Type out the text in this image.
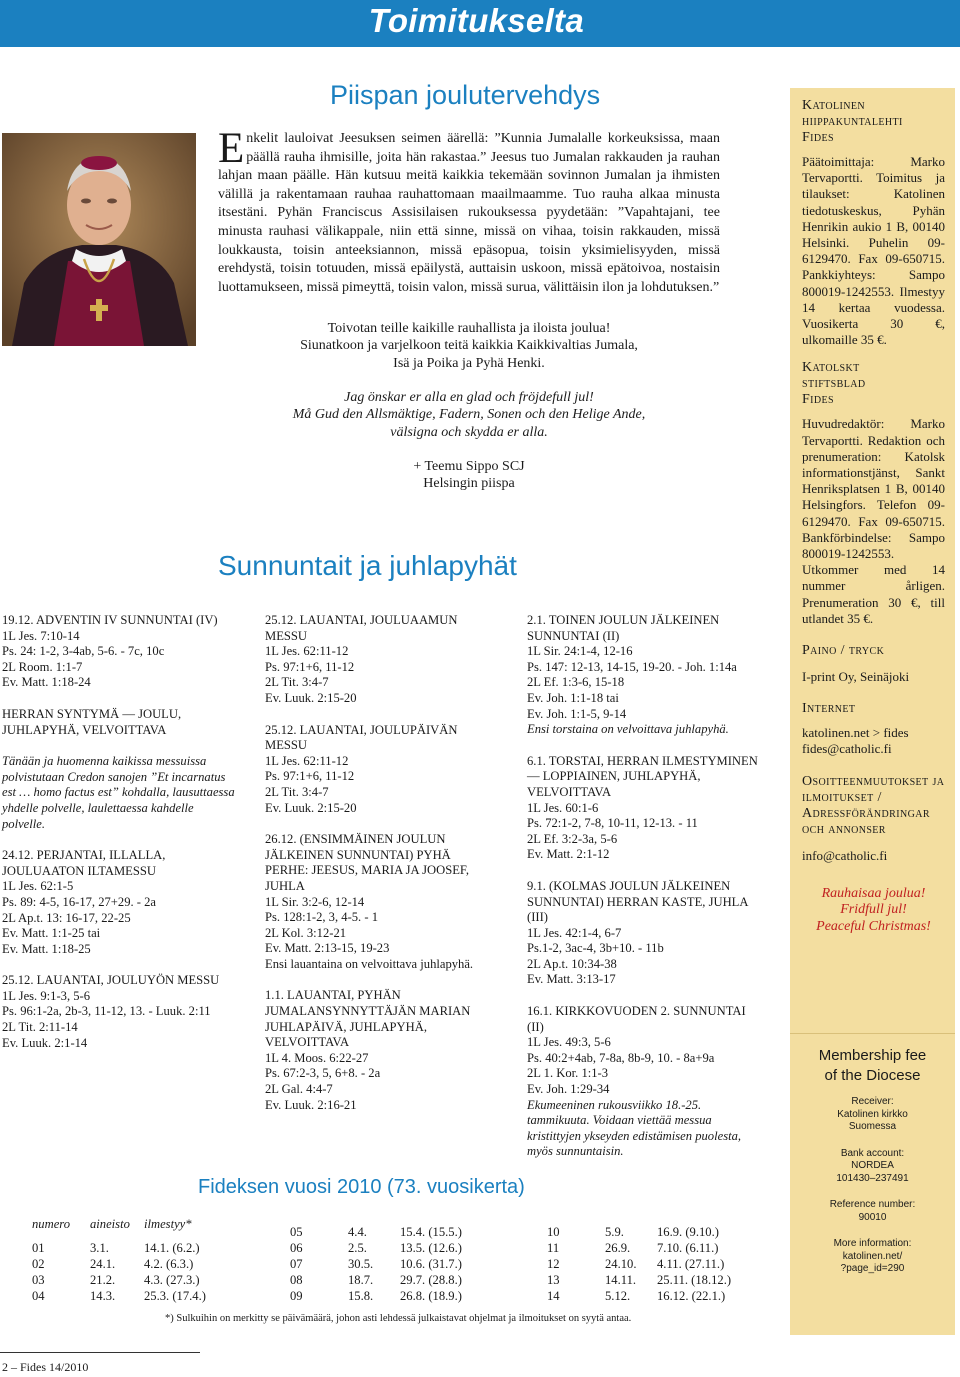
Toimitukselta
Piispan joulutervehdys
Enkelit lauloivat Jeesuksen seimen äärellä: ”Kunnia Jumalalle korkeuksissa, maan päällä rauha ihmisille, joita hän rakastaa.” Jeesus tuo Jumalan rakkauden ja rauhan lahjan maan päälle. Hän kutsuu meitä kaikkia tekemään sovinnon Jumalan ja ihmisten välillä ja rakentamaan rauhaa rauhattomaan maailmaamme. Tuo rauha alkaa minusta itsestäni. Pyhän Franciscus Assisilaisen rukouksessa pyydetään: ”Vapahtajani, tee minusta rauhasi välikappale, niin että sinne, missä on vihaa, toisin rakkauden, missä loukkausta, toisin anteeksiannon, missä epäsopua, toisin yksimielisyyden, missä erehdystä, toisin totuuden, missä epäilystä, auttaisin uskoon, missä epätoivoa, nostaisin luottamukseen, missä pimeyttä, toisin valon, missä surua, välittäisin ilon ja lohdutuksen.”
Toivotan teille kaikille rauhallista ja iloista joulua!
Siunatkoon ja varjelkoon teitä kaikkia Kaikkivaltias Jumala,
Isä ja Poika ja Pyhä Henki.
Jag önskar er alla en glad och fröjdefull jul!
Må Gud den Allsmäktige, Fadern, Sonen och den Helige Ande,
välsigna och skydda er alla.
+ Teemu Sippo SCJ
Helsingin piispa
Katolinen
hiippakuntalehti
Fides
Päätoimittaja: Marko Tervaportti. Toimitus ja tilaukset: Katolinen tiedotuskeskus, Pyhän Henrikin aukio 1 B, 00140 Helsinki. Puhelin 09-6129470. Fax 09-650715. Pankkiyhteys: Sampo 800019-1242553. Ilmestyy 14 kertaa vuodessa. Vuosikerta 30 €, ulkomaille 35 €.
Katolskt
stiftsblad
Fides
Huvudredaktör: Marko Tervaportti. Redaktion och prenumeration: Katolsk informationstjänst, Sankt Henriksplatsen 1 B, 00140 Helsingfors. Telefon 09-6129470. Fax 09-650715. Bankförbindelse: Sampo 800019-1242553. Utkommer med 14 nummer årligen. Prenumeration 30 €, till utlandet 35 €.
Paino / tryck
I-print Oy, Seinäjoki
Internet
katolinen.net > fides
fides@catholic.fi
Osoitteenmuutokset ja ilmoitukset / Adressförändringar och annonser
info@catholic.fi
Rauhaisaa joulua!
Fridfull jul!
Peaceful Christmas!
Membership fee
of the Diocese
Receiver:
Katolinen kirkko
Suomessa
Bank account:
NORDEA
101430–237491
Reference number:
90010
More information:
katolinen.net/
?page_id=290
Sunnuntait ja juhlapyhät
19.12. ADVENTIN IV SUNNUNTAI (IV)
1L Jes. 7:10-14
Ps. 24: 1-2, 3-4ab, 5-6. - 7c, 10c
2L Room. 1:1-7
Ev. Matt. 1:18-24
HERRAN SYNTYMÄ — JOULU, JUHLAPYHÄ, VELVOITTAVA
Tänään ja huomenna kaikissa messuissa polvistutaan Credon sanojen ”Et incarnatus est … homo factus est” kohdalla, lausuttaessa yhdelle polvelle, laulettaessa kahdelle polvelle.
24.12. PERJANTAI, ILLALLA, JOULUAATON ILTAMESSU
1L Jes. 62:1-5
Ps. 89: 4-5, 16-17, 27+29. - 2a
2L Ap.t. 13: 16-17, 22-25
Ev. Matt. 1:1-25 tai
Ev. Matt. 1:18-25
25.12. LAUANTAI, JOULUYÖN MESSU
1L Jes. 9:1-3, 5-6
Ps. 96:1-2a, 2b-3, 11-12, 13. - Luuk. 2:11
2L Tit. 2:11-14
Ev. Luuk. 2:1-14
25.12. LAUANTAI, JOULUAAMUN MESSU
1L Jes. 62:11-12
Ps. 97:1+6, 11-12
2L Tit. 3:4-7
Ev. Luuk. 2:15-20
25.12. LAUANTAI, JOULUPÄIVÄN MESSU
1L Jes. 62:11-12
Ps. 97:1+6, 11-12
2L Tit. 3:4-7
Ev. Luuk. 2:15-20
26.12. (ENSIMMÄINEN JOULUN JÄLKEINEN SUNNUNTAI) PYHÄ PERHE: JEESUS, MARIA JA JOOSEF, JUHLA
1L Sir. 3:2-6, 12-14
Ps. 128:1-2, 3, 4-5. - 1
2L Kol. 3:12-21
Ev. Matt. 2:13-15, 19-23
Ensi lauantaina on velvoittava juhlapyhä.
1.1. LAUANTAI, PYHÄN JUMALANSYNNYTTÄJÄN MARIAN JUHLAPÄIVÄ, JUHLAPYHÄ, VELVOITTAVA
1L 4. Moos. 6:22-27
Ps. 67:2-3, 5, 6+8. - 2a
2L Gal. 4:4-7
Ev. Luuk. 2:16-21
2.1. TOINEN JOULUN JÄLKEINEN SUNNUNTAI (II)
1L Sir. 24:1-4, 12-16
Ps. 147: 12-13, 14-15, 19-20. - Joh. 1:14a
2L Ef. 1:3-6, 15-18
Ev. Joh. 1:1-18 tai
Ev. Joh. 1:1-5, 9-14
Ensi torstaina on velvoittava juhlapyhä.
6.1. TORSTAI, HERRAN ILMESTYMINEN — LOPPIAINEN, JUHLAPYHÄ, VELVOITTAVA
1L Jes. 60:1-6
Ps. 72:1-2, 7-8, 10-11, 12-13. - 11
2L Ef. 3:2-3a, 5-6
Ev. Matt. 2:1-12
9.1. (KOLMAS JOULUN JÄLKEINEN SUNNUNTAI) HERRAN KASTE, JUHLA (III)
1L Jes. 42:1-4, 6-7
Ps.1-2, 3ac-4, 3b+10. - 11b
2L Ap.t. 10:34-38
Ev. Matt. 3:13-17
16.1. KIRKKOVUODEN 2. SUNNUNTAI (II)
1L Jes. 49:3, 5-6
Ps. 40:2+4ab, 7-8a, 8b-9, 10. - 8a+9a
2L 1. Kor. 1:1-3
Ev. Joh. 1:29-34
Ekumeeninen rukousviikko 18.-25. tammikuuta. Voidaan viettää messua kristittyjen ykseyden edistämisen puolesta, myös sunnuntaisin.
Fideksen vuosi 2010 (73. vuosikerta)
numero	aineisto	ilmestyy*

01	3.1.	14.1. (6.2.)
02	24.1.	4.2. (6.3.)
03	21.2.	4.3. (27.3.)
04	14.3.	25.3. (17.4.)
05	4.4.	15.4. (15.5.)
06	2.5.	13.5. (12.6.)
07	30.5.	10.6. (31.7.)
08	18.7.	29.7. (28.8.)
09	15.8.	26.8. (18.9.)
10	5.9.	16.9. (9.10.)
11	26.9.	7.10. (6.11.)
12	24.10.	4.11. (27.11.)
13	14.11.	25.11. (18.12.)
14	5.12.	16.12. (22.1.)
*) Sulkuihin on merkitty se päivämäärä, johon asti lehdessä julkaistavat ohjelmat ja ilmoitukset on syytä antaa.
2 – Fides 14/2010
